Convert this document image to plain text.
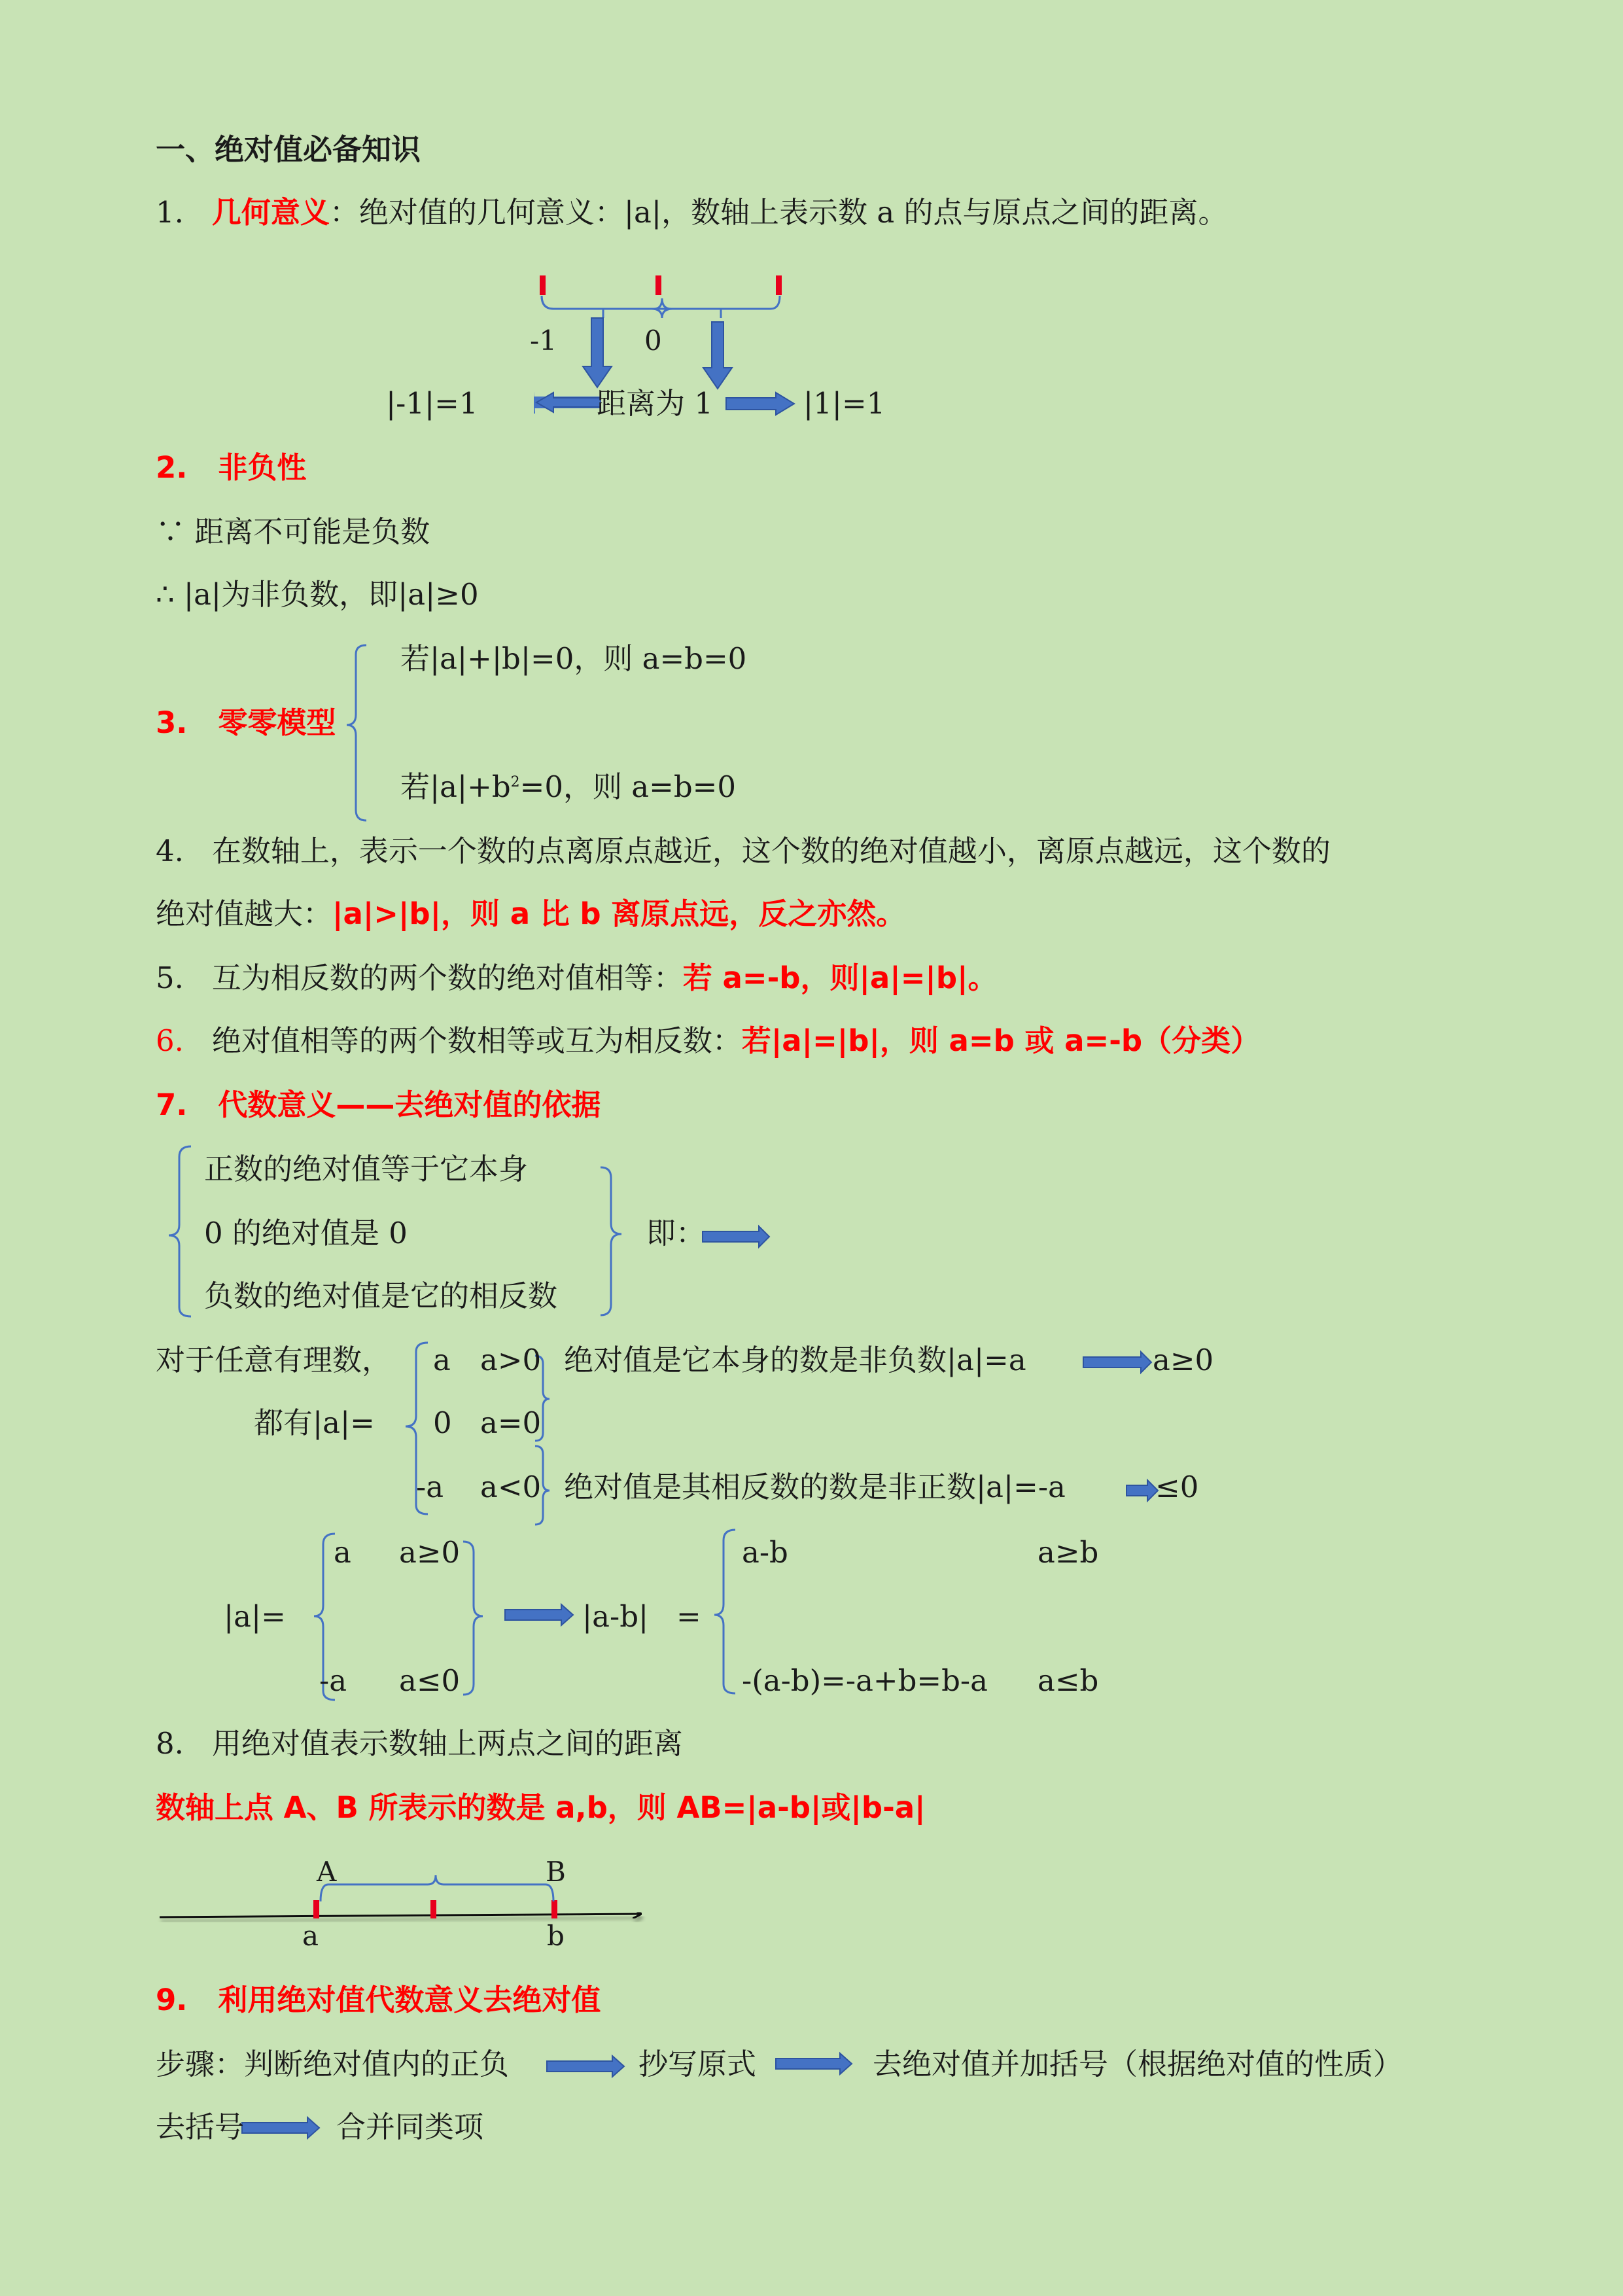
一、绝对值必备知识
1. 几何意义：绝对值的几何意义：|a|，数轴上表示数 a 的点与原点之间的距离。
-1	0
|-1|=1	距离为 1	|1|=1
2.   非负性
∵ 距离不可能是负数
∴ |a|为非负数，即|a|≥0
若|a|+|b|=0，则 a=b=0
3.   零零模型
若$|a|+b^2=0$，则 a=b=0
4.   在数轴上，表示一个数的点离原点越近，这个数的绝对值越小，离原点越远，这个数的
绝对值越大：|a|>|b|，则 a 比 b 离原点远，反之亦然。
5.   互为相反数的两个数的绝对值相等：若 a=-b，则|a|=|b|。
6.   绝对值相等的两个数相等或互为相反数：若|a|=|b|，则 a=b 或 a=-b（分类）
7.   代数意义——去绝对值的依据
正数的绝对值等于它本身
0 的绝对值是 0
负数的绝对值是它的相反数
即：
对于任意有理数，
都有|a|=
a a>0
0 a=0
-a a<0
绝对值是它本身的数是非负数|a|=a	a≥0
绝对值是其相反数的数是非正数|a|=-a	≤0
|a|=
a a≥0
-a a≤0
|a-b| =
a-b	a≥b
-(a-b)=-a+b=b-a a≤b
8.   用绝对值表示数轴上两点之间的距离
数轴上点 A、B 所表示的数是 a,b，则 AB=|a-b|或|b-a|
A	B
a	b
9.   利用绝对值代数意义去绝对值
步骤：判断绝对值内的正负	抄写原式	去绝对值并加括号（根据绝对值的性质）
去括号	合并同类项
